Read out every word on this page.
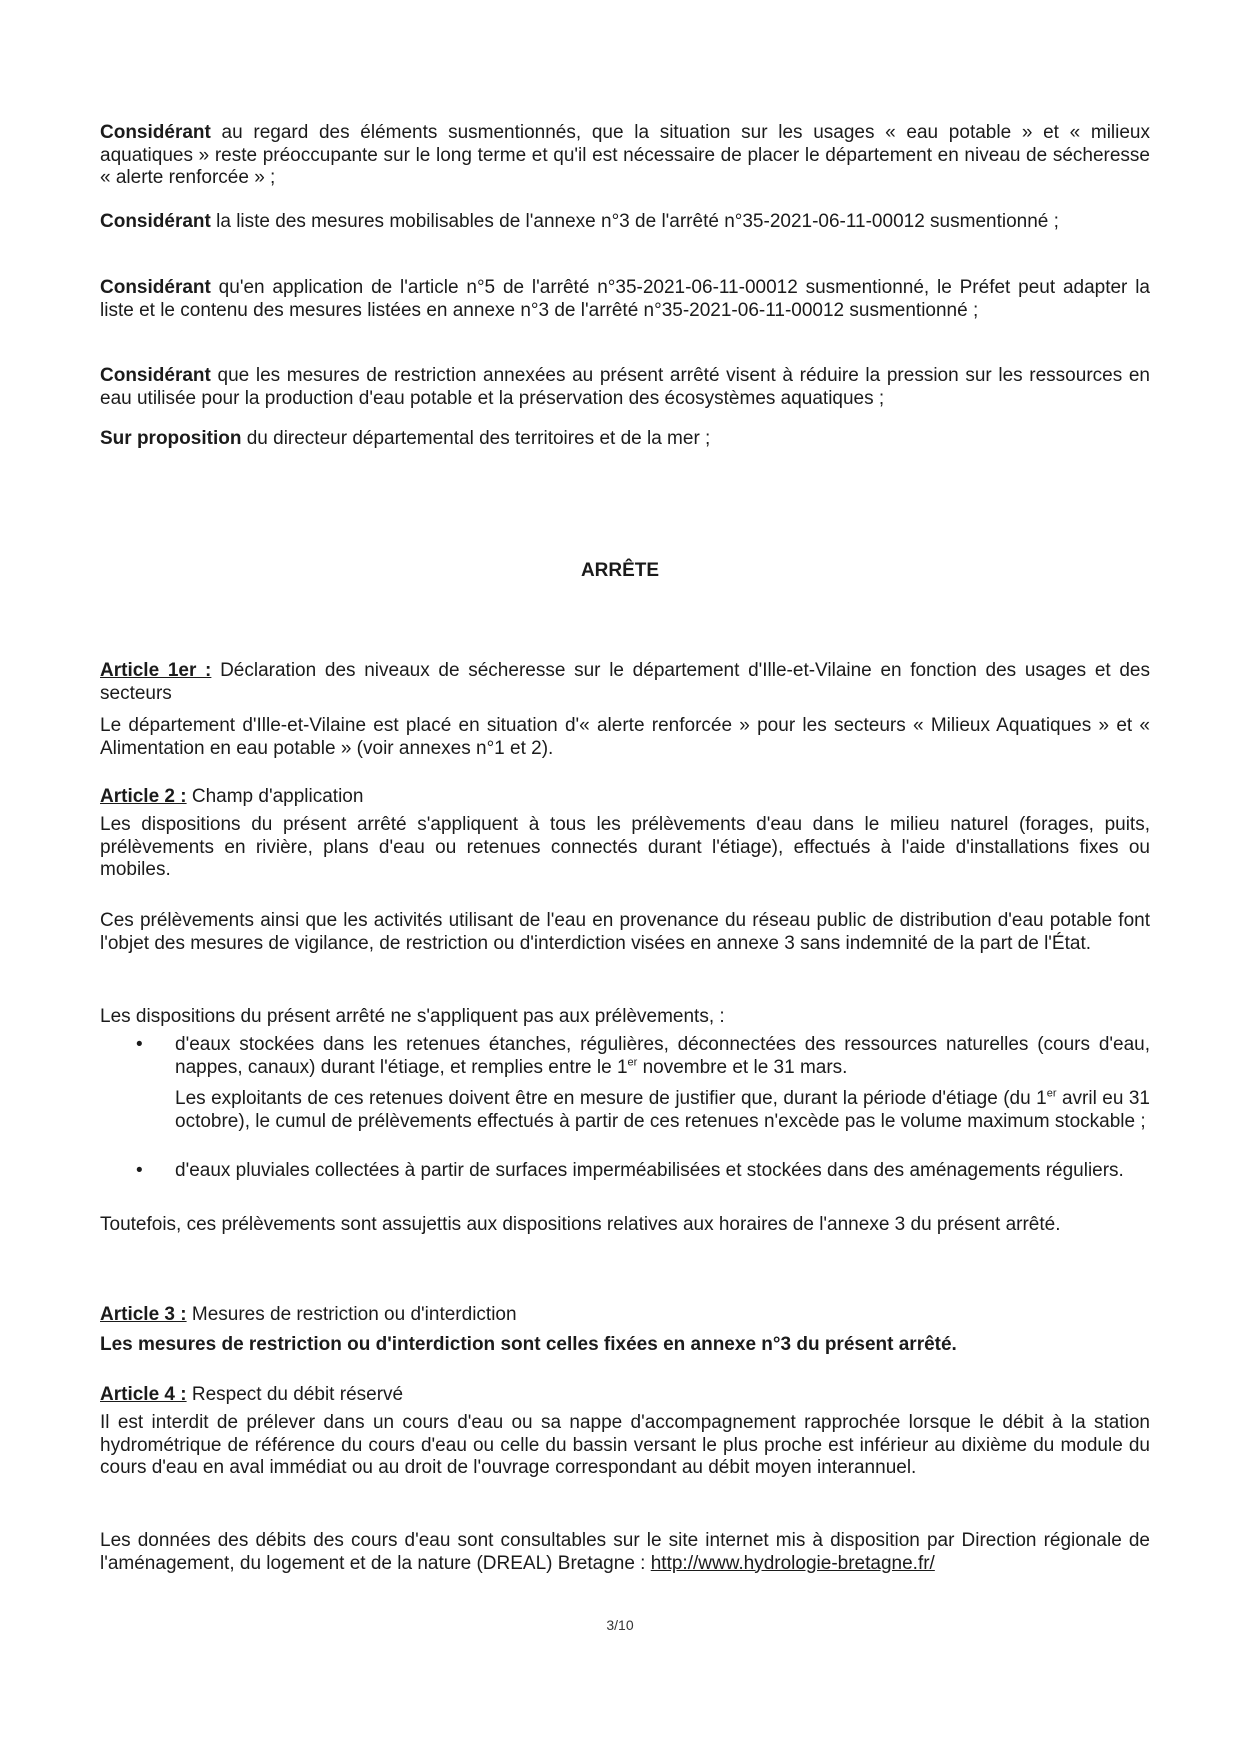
Considérant au regard des éléments susmentionnés, que la situation sur les usages « eau potable » et « milieux aquatiques » reste préoccupante sur le long terme et qu'il est nécessaire de placer le département en niveau de sécheresse « alerte renforcée » ;

Considérant la liste des mesures mobilisables de l'annexe n°3 de l'arrêté n°35-2021-06-11-00012 susmentionné ;

Considérant qu'en application de l'article n°5 de l'arrêté n°35-2021-06-11-00012 susmentionné, le Préfet peut adapter la liste et le contenu des mesures listées en annexe n°3 de l'arrêté n°35-2021-06-11-00012 susmentionné ;

Considérant que les mesures de restriction annexées au présent arrêté visent à réduire la pression sur les ressources en eau utilisée pour la production d'eau potable et la préservation des écosystèmes aquatiques ;

Sur proposition du directeur départemental des territoires et de la mer ;

ARRÊTE

Article 1er : Déclaration des niveaux de sécheresse sur le département d'Ille-et-Vilaine en fonction des usages et des secteurs

Le département d'Ille-et-Vilaine est placé en situation d'« alerte renforcée » pour les secteurs « Milieux Aquatiques » et « Alimentation en eau potable » (voir annexes n°1 et 2).

Article 2 : Champ d'application

Les dispositions du présent arrêté s'appliquent à tous les prélèvements d'eau dans le milieu naturel (forages, puits, prélèvements en rivière, plans d'eau ou retenues connectés durant l'étiage), effectués à l'aide d'installations fixes ou mobiles.

Ces prélèvements ainsi que les activités utilisant de l'eau en provenance du réseau public de distribution d'eau potable font l'objet des mesures de vigilance, de restriction ou d'interdiction visées en annexe 3 sans indemnité de la part de l'État.

Les dispositions du présent arrêté ne s'appliquent pas aux prélèvements, :

• d'eaux stockées dans les retenues étanches, régulières, déconnectées des ressources naturelles (cours d'eau, nappes, canaux) durant l'étiage, et remplies entre le 1er novembre et le 31 mars.

Les exploitants de ces retenues doivent être en mesure de justifier que, durant la période d'étiage (du 1er avril eu 31 octobre), le cumul de prélèvements effectués à partir de ces retenues n'excède pas le volume maximum stockable ;

• d'eaux pluviales collectées à partir de surfaces imperméabilisées et stockées dans des aménagements réguliers.

Toutefois, ces prélèvements sont assujettis aux dispositions relatives aux horaires de l'annexe 3 du présent arrêté.

Article 3 : Mesures de restriction ou d'interdiction

Les mesures de restriction ou d'interdiction sont celles fixées en annexe n°3 du présent arrêté.

Article 4 : Respect du débit réservé

Il est interdit de prélever dans un cours d'eau ou sa nappe d'accompagnement rapprochée lorsque le débit à la station hydrométrique de référence du cours d'eau ou celle du bassin versant le plus proche est inférieur au dixième du module du cours d'eau en aval immédiat ou au droit de l'ouvrage correspondant au débit moyen interannuel.

Les données des débits des cours d'eau sont consultables sur le site internet mis à disposition par Direction régionale de l'aménagement, du logement et de la nature (DREAL) Bretagne : http://www.hydrologie-bretagne.fr/

3/10
